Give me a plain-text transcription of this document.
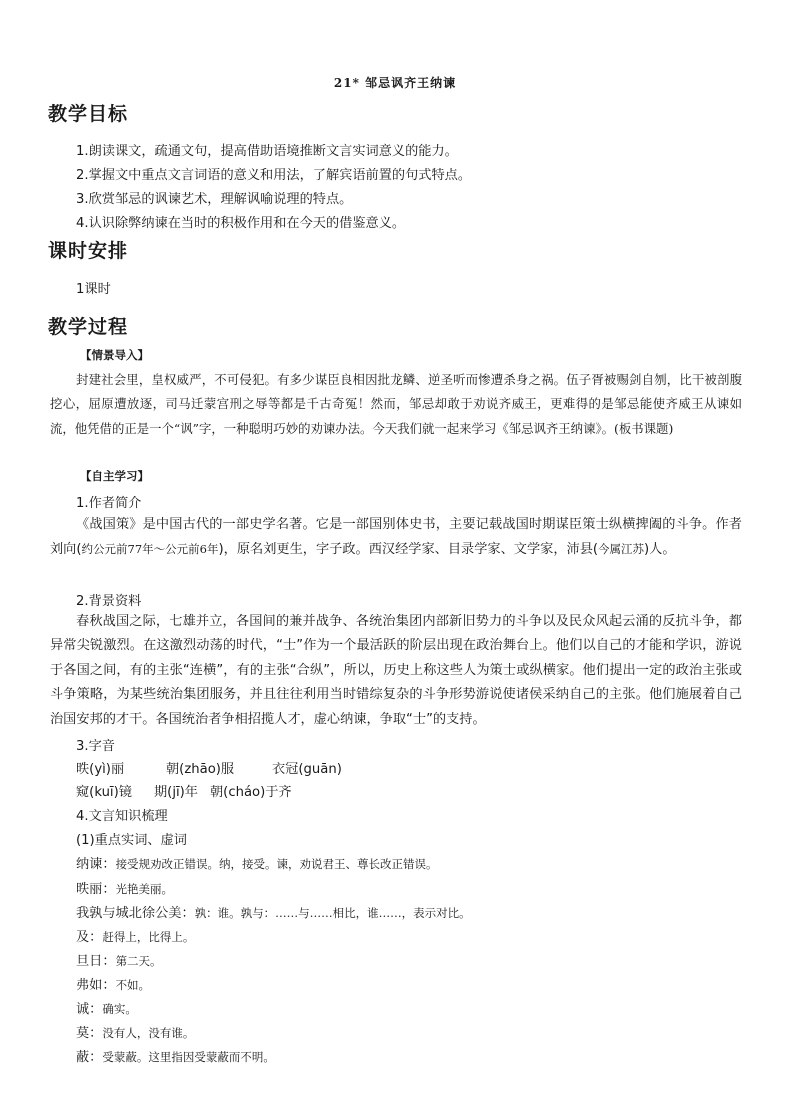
21* 邹忌讽齐王纳谏
教学目标
1.朗读课文，疏通文句，提高借助语境推断文言实词意义的能力。
2.掌握文中重点文言词语的意义和用法，了解宾语前置的句式特点。
3.欣赏邹忌的讽谏艺术，理解讽喻说理的特点。
4.认识除弊纳谏在当时的积极作用和在今天的借鉴意义。
课时安排
1课时
教学过程
【情景导入】
封建社会里，皇权威严，不可侵犯。有多少谋臣良相因批龙鳞、逆圣听而惨遭杀身之祸。伍子胥被赐剑自刎，比干被剖腹挖心，屈原遭放逐，司马迁蒙宫刑之辱等都是千古奇冤！然而，邹忌却敢于劝说齐威王，更难得的是邹忌能使齐威王从谏如流，他凭借的正是一个“讽”字，一种聪明巧妙的劝谏办法。今天我们就一起来学习《邹忌讽齐王纳谏》。(板书课题)
【自主学习】
1.作者简介
《战国策》是中国古代的一部史学名著。它是一部国别体史书，主要记载战国时期谋臣策士纵横捭阖的斗争。作者刘向(约公元前77年～公元前6年)，原名刘更生，字子政。西汉经学家、目录学家、文学家，沛县(今属江苏)人。
2.背景资料
春秋战国之际，七雄并立，各国间的兼并战争、各统治集团内部新旧势力的斗争以及民众风起云涌的反抗斗争，都异常尖锐激烈。在这激烈动荡的时代，“士”作为一个最活跃的阶层出现在政治舞台上。他们以自己的才能和学识，游说于各国之间，有的主张“连横”，有的主张“合纵”，所以，历史上称这些人为策士或纵横家。他们提出一定的政治主张或斗争策略，为某些统治集团服务，并且往往利用当时错综复杂的斗争形势游说使诸侯采纳自己的主张。他们施展着自己治国安邦的才干。各国统治者争相招揽人才，虚心纳谏，争取“士”的支持。
3.字音
昳(yì)丽	朝(zhāo)服	衣冠(guān)
窥(kuī)镜 期(jī)年 朝(cháo)于齐
4.文言知识梳理
(1)重点实词、虚词
纳谏：接受规劝改正错误。纳，接受。谏，劝说君王、尊长改正错误。
昳丽：光艳美丽。
我孰与城北徐公美：孰：谁。孰与：……与……相比，谁……，表示对比。
及：赶得上，比得上。
旦日：第二天。
弗如：不如。
诚：确实。
莫：没有人，没有谁。
蔽：受蒙蔽。这里指因受蒙蔽而不明。
